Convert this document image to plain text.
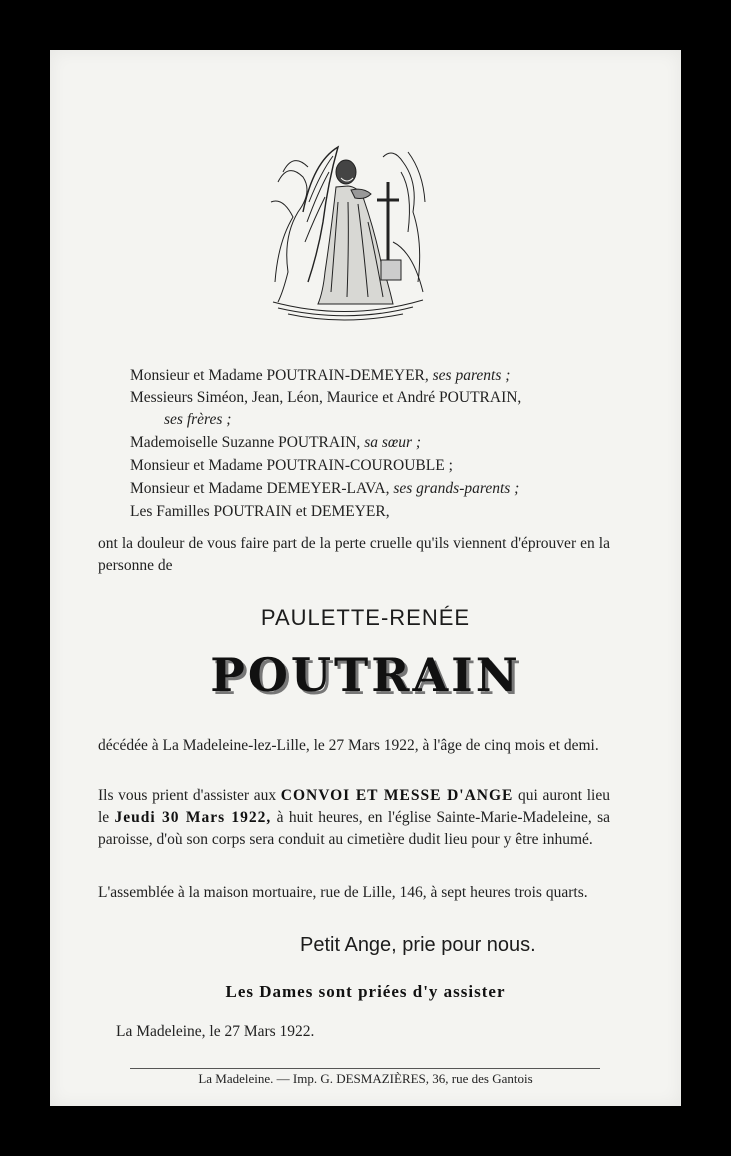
Monsieur et Madame POUTRAIN-DEMEYER, ses parents ;
Messieurs Siméon, Jean, Léon, Maurice et André POUTRAIN,
ses frères ;
Mademoiselle Suzanne POUTRAIN, sa sœur ;
Monsieur et Madame POUTRAIN-COUROUBLE ;
Monsieur et Madame DEMEYER-LAVA, ses grands-parents ;
Les Familles POUTRAIN et DEMEYER,
ont la douleur de vous faire part de la perte cruelle qu'ils viennent d'éprouver en la personne de
PAULETTE-RENÉE
POUTRAIN
décédée à La Madeleine-lez-Lille, le 27 Mars 1922, à l'âge de cinq mois et demi.
Ils vous prient d'assister aux CONVOI ET MESSE D'ANGE qui auront lieu le Jeudi 30 Mars 1922, à huit heures, en l'église Sainte-Marie-Madeleine, sa paroisse, d'où son corps sera conduit au cimetière dudit lieu pour y être inhumé.
L'assemblée à la maison mortuaire, rue de Lille, 146, à sept heures trois quarts.
Petit Ange, prie pour nous.
Les Dames sont priées d'y assister
La Madeleine, le 27 Mars 1922.
La Madeleine. — Imp. G. DESMAZIÈRES, 36, rue des Gantois
